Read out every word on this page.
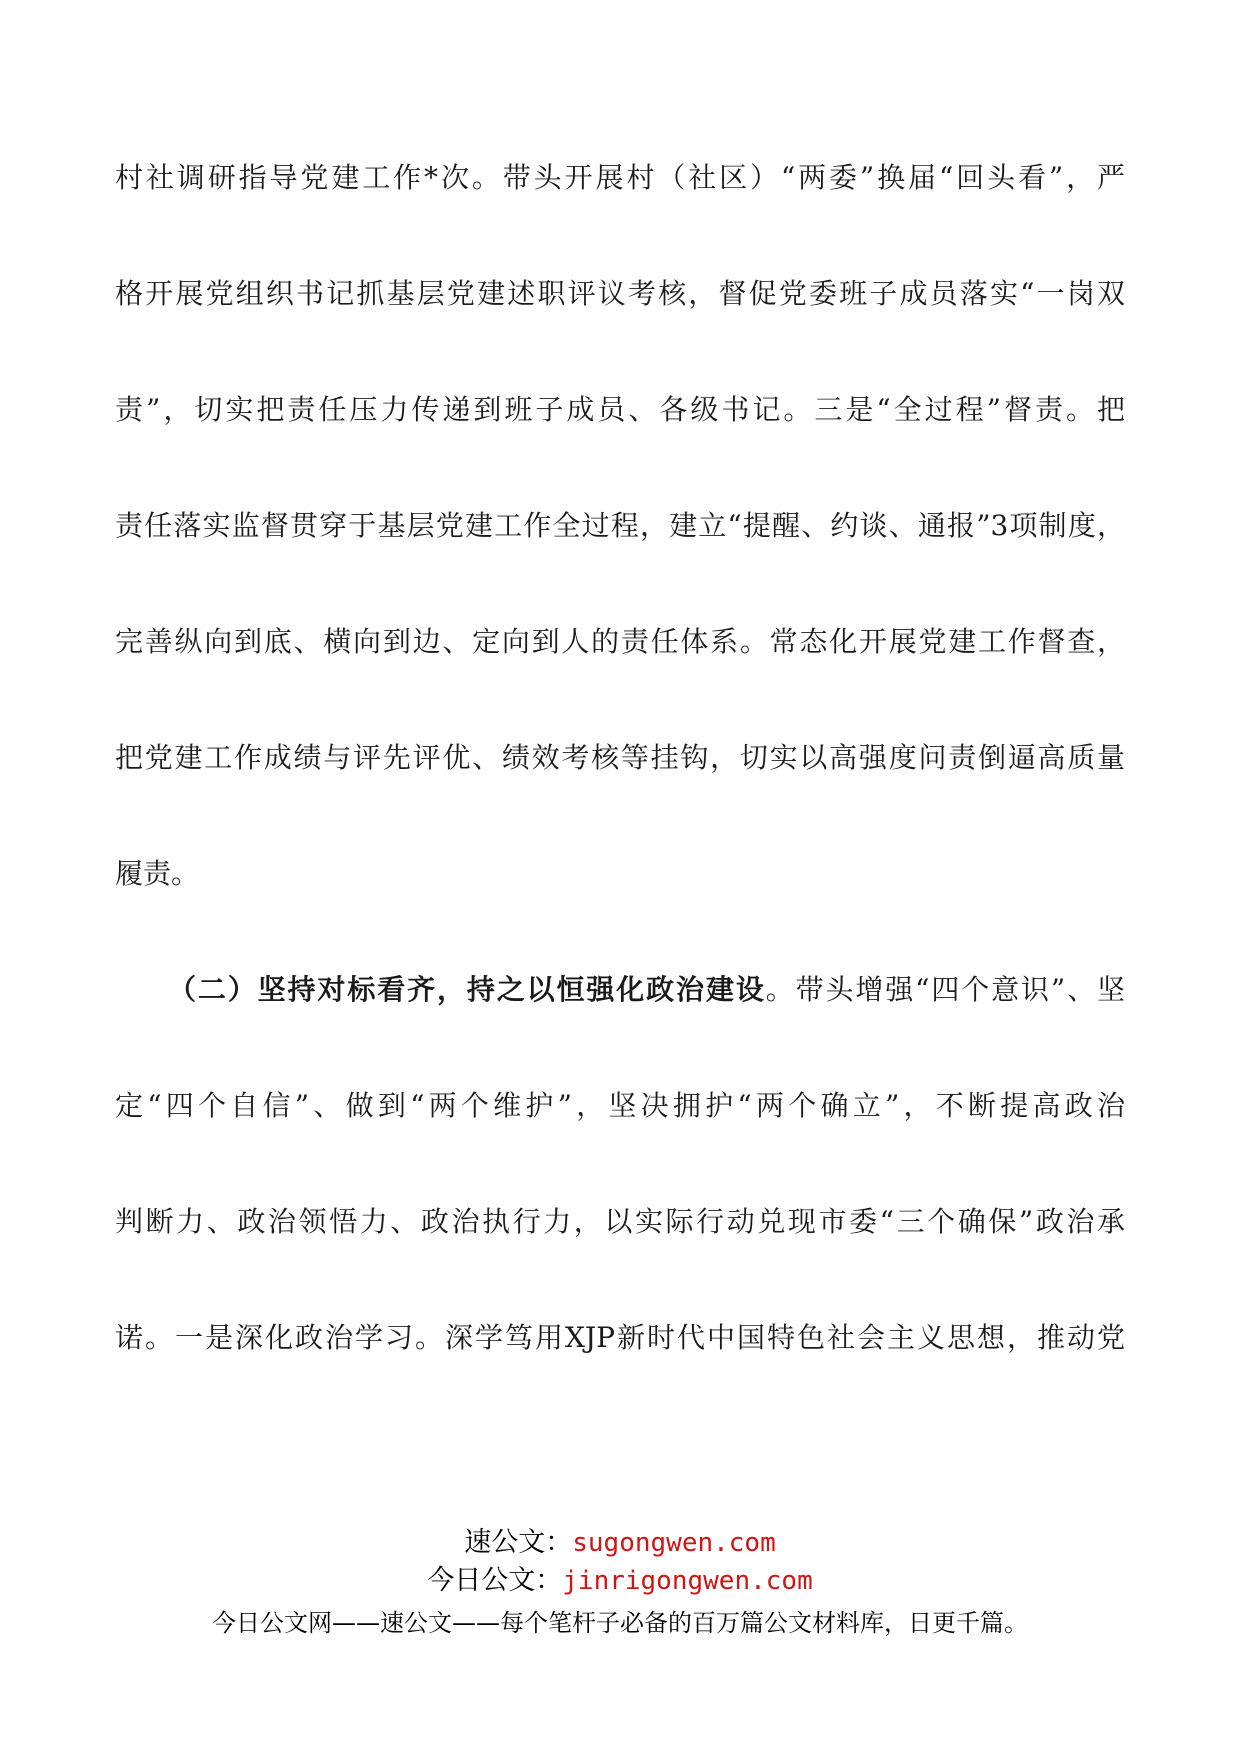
村社调研指导党建工作*次。带头开展村（社区）“两委”换届“回头看”，严
格开展党组织书记抓基层党建述职评议考核，督促党委班子成员落实“一岗双
责”，切实把责任压力传递到班子成员、各级书记。三是“全过程”督责。把
责任落实监督贯穿于基层党建工作全过程，建立“提醒、约谈、通报”3项制度，
完善纵向到底、横向到边、定向到人的责任体系。常态化开展党建工作督查，
把党建工作成绩与评先评优、绩效考核等挂钩，切实以高强度问责倒逼高质量
履责。
（二）坚持对标看齐，持之以恒强化政治建设。带头增强“四个意识”、坚
定“四个自信”、做到“两个维护”，坚决拥护“两个确立”，不断提高政治
判断力、政治领悟力、政治执行力，以实际行动兑现市委“三个确保”政治承
诺。一是深化政治学习。深学笃用XJP新时代中国特色社会主义思想，推动党
速公文：sugongwen.com
今日公文：jinrigongwen.com
今日公文网——速公文——每个笔杆子必备的百万篇公文材料库，日更千篇。
